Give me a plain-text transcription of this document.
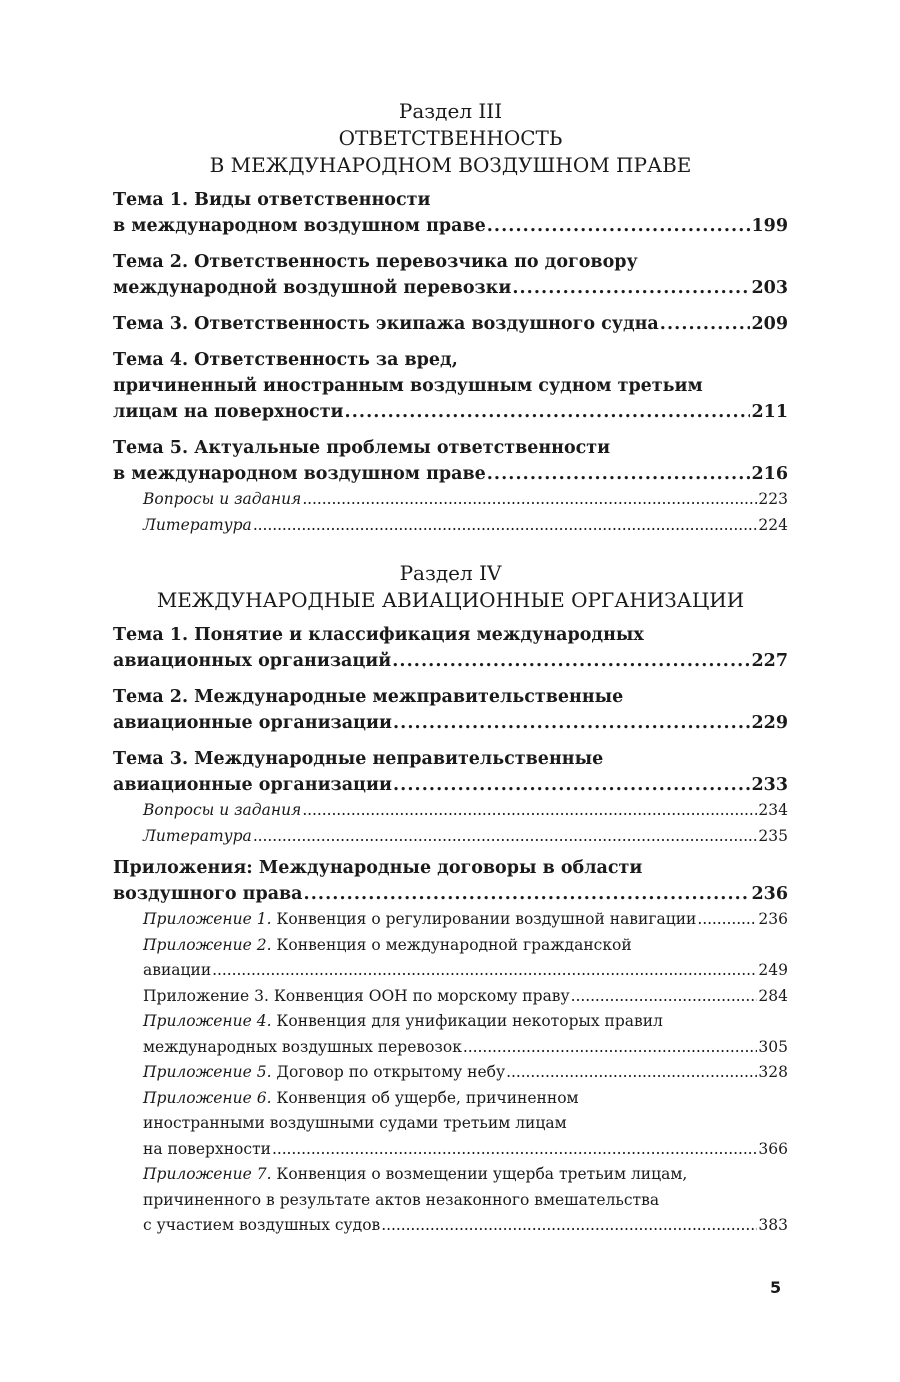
Раздел III
ОТВЕТСТВЕННОСТЬ
В МЕЖДУНАРОДНОМ ВОЗДУШНОМ ПРАВЕ
Тема 1. Виды ответственности
в международном воздушном праве . . .	199
Тема 2. Ответственность перевозчика по договору
международной воздушной перевозки . . .	203
Тема 3. Ответственность экипажа воздушного судна . . .	209
Тема 4. Ответственность за вред,
причиненный иностранным воздушным судном третьим
лицам на поверхности . . .	211
Тема 5. Актуальные проблемы ответственности
в международном воздушном праве . . .	216
Вопросы и задания . . .	223
Литература . . .	224
Раздел IV
МЕЖДУНАРОДНЫЕ АВИАЦИОННЫЕ ОРГАНИЗАЦИИ
Тема 1. Понятие и классификация международных
авиационных организаций . . .	227
Тема 2. Международные межправительственные
авиационные организации . . .	229
Тема 3. Международные неправительственные
авиационные организации . . .	233
Вопросы и задания . . .	234
Литература . . .	235
Приложения: Международные договоры в области
воздушного права . . .	236
Приложение 1. Конвенция о регулировании воздушной навигации . . .	236
Приложение 2. Конвенция о международной гражданской
авиации . . .	249
Приложение 3. Конвенция ООН по морскому праву . . .	284
Приложение 4. Конвенция для унификации некоторых правил
международных воздушных перевозок . . .	305
Приложение 5. Договор по открытому небу . . .	328
Приложение 6. Конвенция об ущербе, причиненном
иностранными воздушными судами третьим лицам
на поверхности . . .	366
Приложение 7. Конвенция о возмещении ущерба третьим лицам,
причиненного в результате актов незаконного вмешательства
с участием воздушных судов . . .	383
5
